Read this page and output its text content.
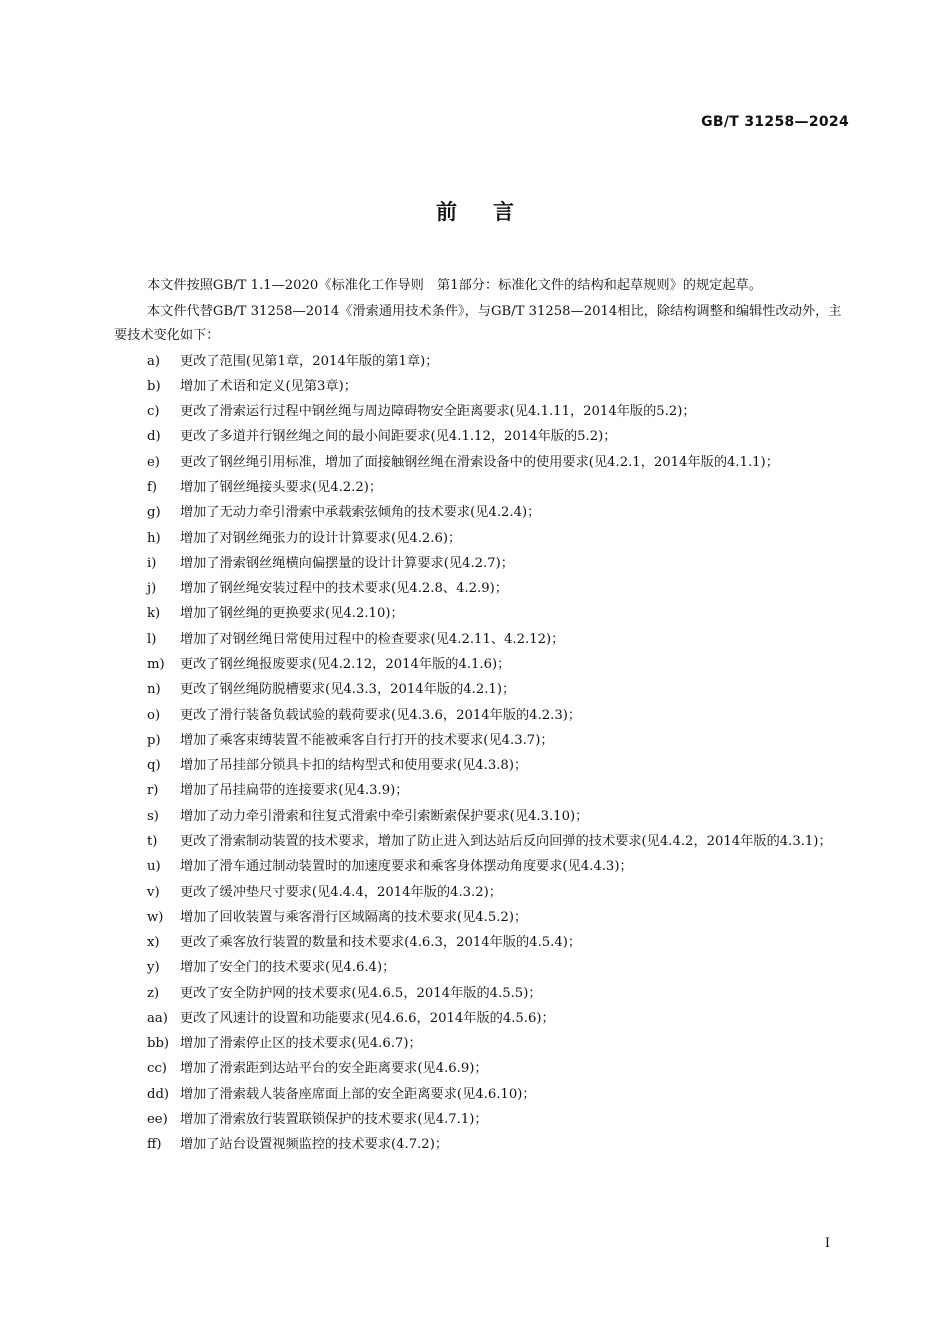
GB/T 31258—2024
前言

本文件按照GB/T 1.1—2020《标准化工作导则　第1部分：标准化文件的结构和起草规则》的规定起草。

本文件代替GB/T 31258—2014《滑索通用技术条件》，与GB/T 31258—2014相比，除结构调整和编辑性改动外，主要技术变化如下：

a) 更改了范围(见第1章，2014年版的第1章)；
b) 增加了术语和定义(见第3章)；
c) 更改了滑索运行过程中钢丝绳与周边障碍物安全距离要求(见4.1.11，2014年版的5.2)；
d) 更改了多道并行钢丝绳之间的最小间距要求(见4.1.12，2014年版的5.2)；
e) 更改了钢丝绳引用标准，增加了面接触钢丝绳在滑索设备中的使用要求(见4.2.1，2014年版的4.1.1)；
f) 增加了钢丝绳接头要求(见4.2.2)；
g) 增加了无动力牵引滑索中承载索弦倾角的技术要求(见4.2.4)；
h) 增加了对钢丝绳张力的设计计算要求(见4.2.6)；
i) 增加了滑索钢丝绳横向偏摆量的设计计算要求(见4.2.7)；
j) 增加了钢丝绳安装过程中的技术要求(见4.2.8、4.2.9)；
k) 增加了钢丝绳的更换要求(见4.2.10)；
l) 增加了对钢丝绳日常使用过程中的检查要求(见4.2.11、4.2.12)；
m) 更改了钢丝绳报废要求(见4.2.12，2014年版的4.1.6)；
n) 更改了钢丝绳防脱槽要求(见4.3.3，2014年版的4.2.1)；
o) 更改了滑行装备负载试验的载荷要求(见4.3.6，2014年版的4.2.3)；
p) 增加了乘客束缚装置不能被乘客自行打开的技术要求(见4.3.7)；
q) 增加了吊挂部分锁具卡扣的结构型式和使用要求(见4.3.8)；
r) 增加了吊挂扁带的连接要求(见4.3.9)；
s) 增加了动力牵引滑索和往复式滑索中牵引索断索保护要求(见4.3.10)；
t) 更改了滑索制动装置的技术要求，增加了防止进入到达站后反向回弹的技术要求(见4.4.2，2014年版的4.3.1)；
u) 增加了滑车通过制动装置时的加速度要求和乘客身体摆动角度要求(见4.4.3)；
v) 更改了缓冲垫尺寸要求(见4.4.4，2014年版的4.3.2)；
w) 增加了回收装置与乘客滑行区域隔离的技术要求(见4.5.2)；
x) 更改了乘客放行装置的数量和技术要求(4.6.3，2014年版的4.5.4)；
y) 增加了安全门的技术要求(见4.6.4)；
z) 更改了安全防护网的技术要求(见4.6.5，2014年版的4.5.5)；
aa) 更改了风速计的设置和功能要求(见4.6.6，2014年版的4.5.6)；
bb) 增加了滑索停止区的技术要求(见4.6.7)；
cc) 增加了滑索距到达站平台的安全距离要求(见4.6.9)；
dd) 增加了滑索载人装备座席面上部的安全距离要求(见4.6.10)；
ee) 增加了滑索放行装置联锁保护的技术要求(见4.7.1)；
ff) 增加了站台设置视频监控的技术要求(4.7.2)；
I
